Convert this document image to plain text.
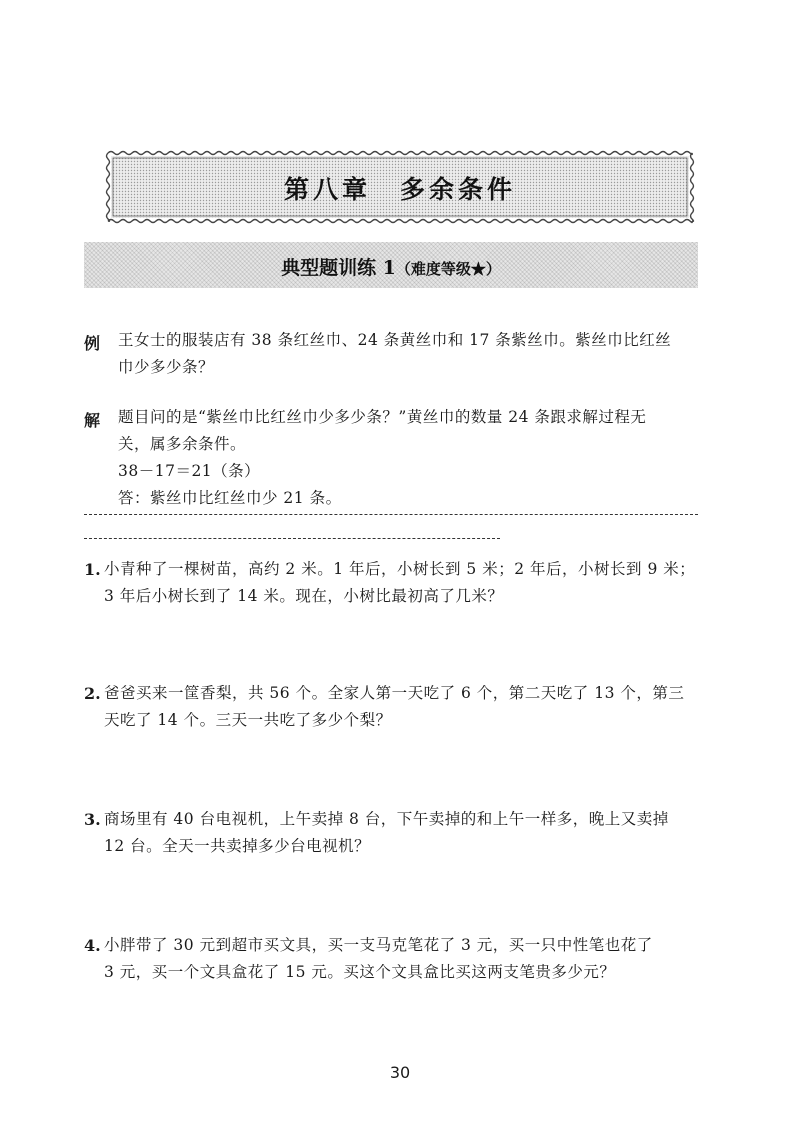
第八章　多余条件
典型题训练 1（难度等级★）
例 王女士的服装店有 38 条红丝巾、24 条黄丝巾和 17 条紫丝巾。紫丝巾比红丝
巾少多少条？
解 题目问的是“紫丝巾比红丝巾少多少条？”黄丝巾的数量 24 条跟求解过程无
关，属多余条件。
38－17＝21（条）
答：紫丝巾比红丝巾少 21 条。
1. 小青种了一棵树苗，高约 2 米。1 年后，小树长到 5 米；2 年后，小树长到 9 米；
3 年后小树长到了 14 米。现在，小树比最初高了几米？
2. 爸爸买来一筐香梨，共 56 个。全家人第一天吃了 6 个，第二天吃了 13 个，第三
天吃了 14 个。三天一共吃了多少个梨？
3. 商场里有 40 台电视机，上午卖掉 8 台，下午卖掉的和上午一样多，晚上又卖掉
12 台。全天一共卖掉多少台电视机？
4. 小胖带了 30 元到超市买文具，买一支马克笔花了 3 元，买一只中性笔也花了
3 元，买一个文具盒花了 15 元。买这个文具盒比买这两支笔贵多少元？
30
